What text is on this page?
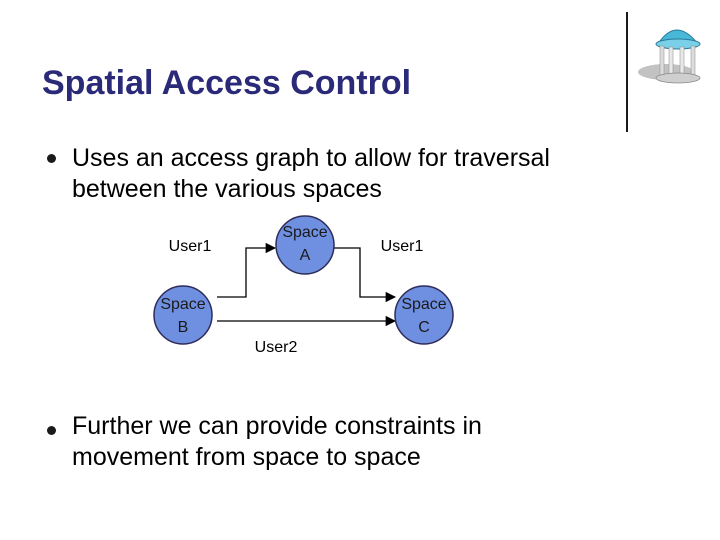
Spatial Access Control
Uses an access graph to allow for traversal
between the various spaces
User1	User1
User2
Space
A
Space
B
Space
C
Further we can provide constraints in
movement from space to space
